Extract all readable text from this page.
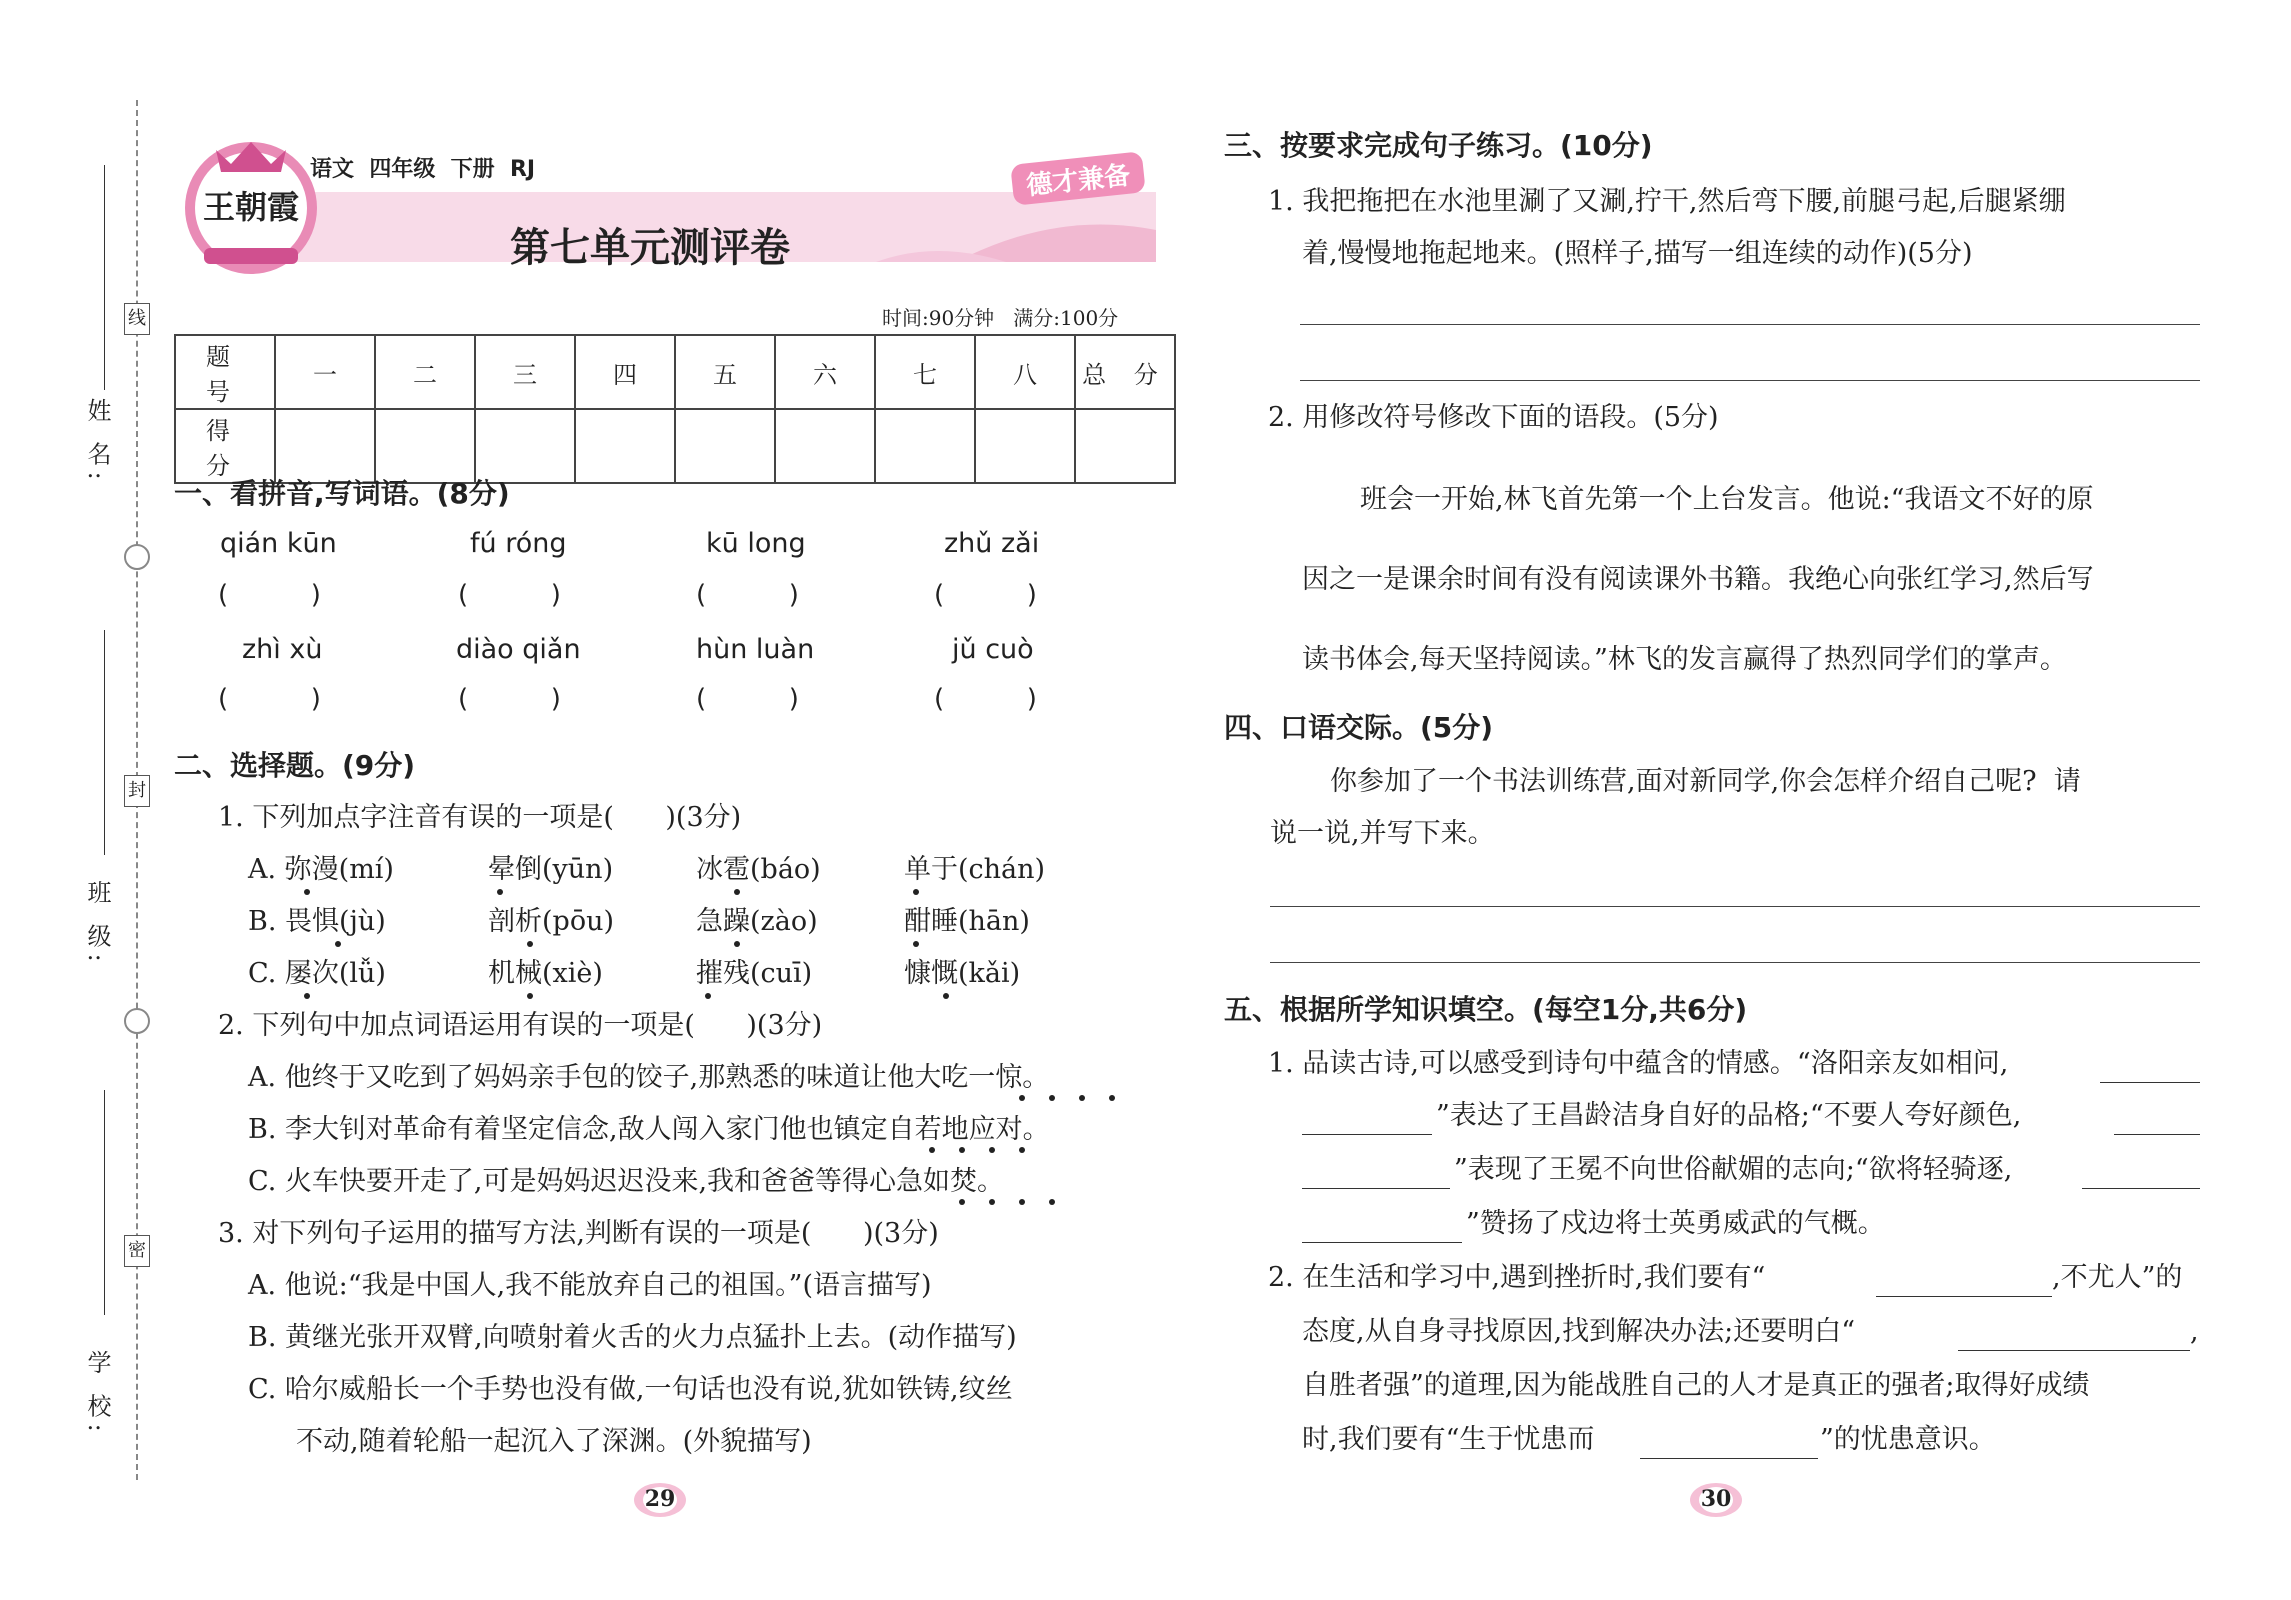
线
封
密
姓 名:
班 级:
学 校:
王朝霞
语文  四年级  下册  RJ
第七单元测评卷
德才兼备
时间:90分钟   满分:100分
题 号	一	二	三	四	五	六	七	八	总 分
得 分									
一、看拼音,写词语。(8分)
qián kūn	fú róng	kū long	zhǔ zǎi
(          )	(          )	(          )	(          )
zhì xù	diào qiǎn	hùn luàn	jǔ cuò
(          )	(          )	(          )	(          )
二、选择题。(9分)
1. 下列加点字注音有误的一项是(      )(3分)
A. 弥漫(mí)	晕倒(yūn)	冰雹(báo)	单于(chán)
B. 畏惧(jù)	剖析(pōu)	急躁(zào)	酣睡(hān)
C. 屡次(lǚ)	机械(xiè)	摧残(cuī)	慷慨(kǎi)
2. 下列句中加点词语运用有误的一项是(      )(3分)
A. 他终于又吃到了妈妈亲手包的饺子,那熟悉的味道让他大吃一惊。
B. 李大钊对革命有着坚定信念,敌人闯入家门他也镇定自若地应对。
C. 火车快要开走了,可是妈妈迟迟没来,我和爸爸等得心急如焚。
3. 对下列句子运用的描写方法,判断有误的一项是(      )(3分)
A. 他说:“我是中国人,我不能放弃自己的祖国。”(语言描写)
B. 黄继光张开双臂,向喷射着火舌的火力点猛扑上去。(动作描写)
C. 哈尔威船长一个手势也没有做,一句话也没有说,犹如铁铸,纹丝
不动,随着轮船一起沉入了深渊。(外貌描写)
29
三、按要求完成句子练习。(10分)
1. 我把拖把在水池里涮了又涮,拧干,然后弯下腰,前腿弓起,后腿紧绷
着,慢慢地拖起地来。(照样子,描写一组连续的动作)(5分)
2. 用修改符号修改下面的语段。(5分)
班会一开始,林飞首先第一个上台发言。他说:“我语文不好的原
因之一是课余时间有没有阅读课外书籍。我绝心向张红学习,然后写
读书体会,每天坚持阅读。”林飞的发言赢得了热烈同学们的掌声。
四、口语交际。(5分)
你参加了一个书法训练营,面对新同学,你会怎样介绍自己呢?  请
说一说,并写下来。
五、根据所学知识填空。(每空1分,共6分)
1. 品读古诗,可以感受到诗句中蕴含的情感。“洛阳亲友如相问,
”表达了王昌龄洁身自好的品格;“不要人夸好颜色,
”表现了王冕不向世俗献媚的志向;“欲将轻骑逐,
”赞扬了戍边将士英勇威武的气概。
2. 在生活和学习中,遇到挫折时,我们要有“	,不尤人”的
态度,从自身寻找原因,找到解决办法;还要明白“	,
自胜者强”的道理,因为能战胜自己的人才是真正的强者;取得好成绩
时,我们要有“生于忧患而	”的忧患意识。
30
